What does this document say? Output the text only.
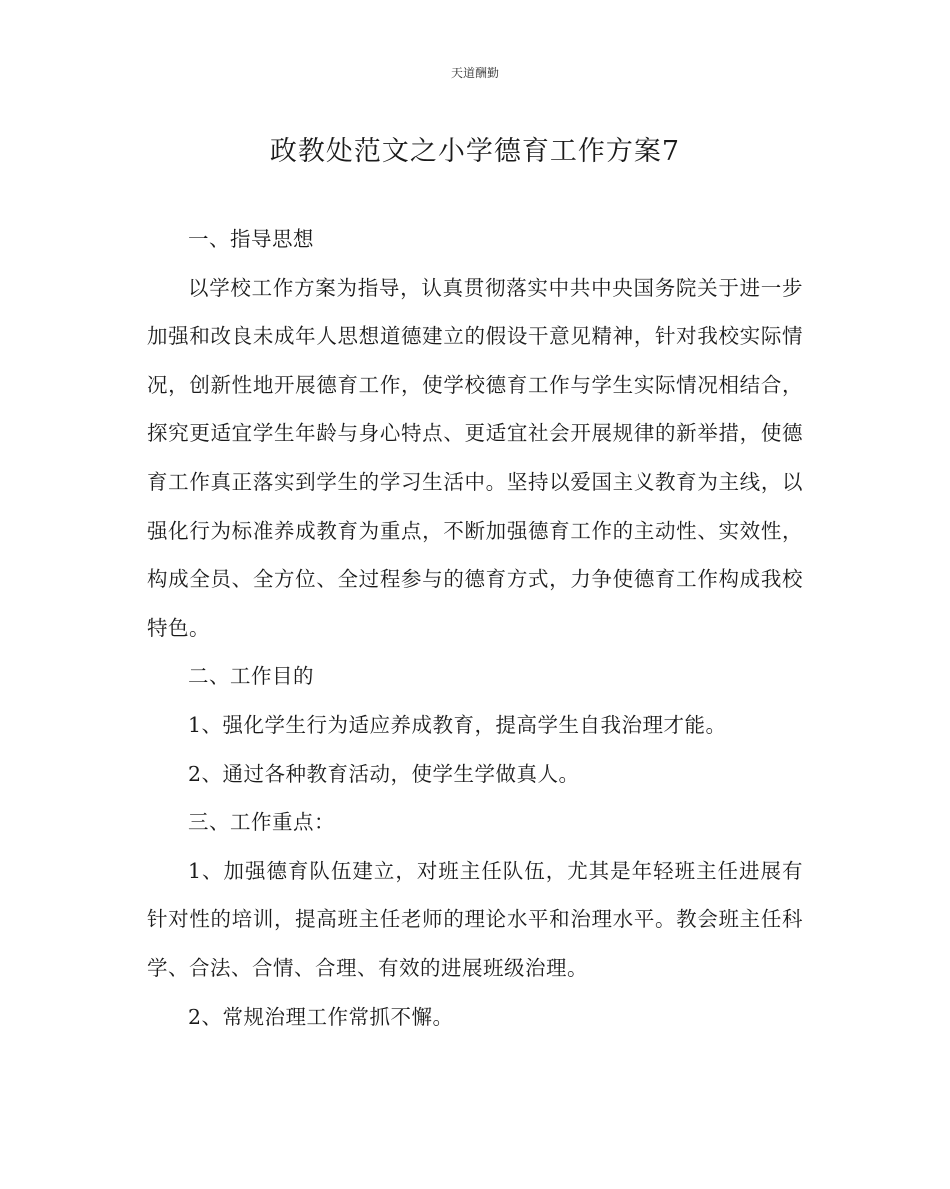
天道酬勤
政教处范文之小学德育工作方案7

一、指导思想

以学校工作方案为指导，认真贯彻落实中共中央国务院关于进一步加强和改良未成年人思想道德建立的假设干意见精神，针对我校实际情况，创新性地开展德育工作，使学校德育工作与学生实际情况相结合，探究更适宜学生年龄与身心特点、更适宜社会开展规律的新举措，使德育工作真正落实到学生的学习生活中。坚持以爱国主义教育为主线，以强化行为标准养成教育为重点，不断加强德育工作的主动性、实效性，构成全员、全方位、全过程参与的德育方式，力争使德育工作构成我校特色。

二、工作目的

1、强化学生行为适应养成教育，提高学生自我治理才能。

2、通过各种教育活动，使学生学做真人。

三、工作重点：

1、加强德育队伍建立，对班主任队伍，尤其是年轻班主任进展有针对性的培训，提高班主任老师的理论水平和治理水平。教会班主任科学、合法、合情、合理、有效的进展班级治理。

2、常规治理工作常抓不懈。
